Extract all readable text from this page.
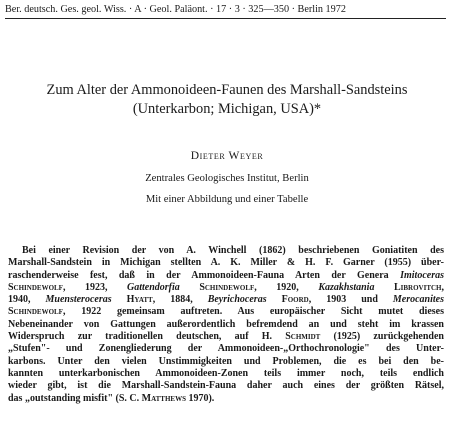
Ber. deutsch. Ges. geol. Wiss. · A · Geol. Paläont. · 17 · 3 · 325—350 · Berlin 1972
Zum Alter der Ammonoideen-Faunen des Marshall-Sandsteins
(Unterkarbon; Michigan, USA)*
Dieter Weyer
Zentrales Geologisches Institut, Berlin
Mit einer Abbildung und einer Tabelle
Bei einer Revision der von A. Winchell (1862) beschriebenen Goniatiten des
Marshall-Sandstein in Michigan stellten A. K. Miller & H. F. Garner (1955) über-
raschenderweise fest, daß in der Ammonoideen-Fauna Arten der Genera Imitoceras
Schindewolf, 1923, Gattendorfia Schindewolf, 1920, Kazakhstania Librovitch,
1940, Muensteroceras Hyatt, 1884, Beyrichoceras Foord, 1903 und Merocanites
Schindewolf, 1922 gemeinsam auftreten. Aus europäischer Sicht mutet dieses
Nebeneinander von Gattungen außerordentlich befremdend an und steht im krassen
Widerspruch zur traditionellen deutschen, auf H. Schmidt (1925) zurückgehenden
„Stufen"- und Zonengliederung der Ammonoideen-„Orthochronologie" des Unter-
karbons. Unter den vielen Unstimmigkeiten und Problemen, die es bei den be-
kannten unterkarbonischen Ammonoideen-Zonen teils immer noch, teils endlich
wieder gibt, ist die Marshall-Sandstein-Fauna daher auch eines der größten Rätsel,
das „outstanding misfit" (S. C. Matthews 1970).
